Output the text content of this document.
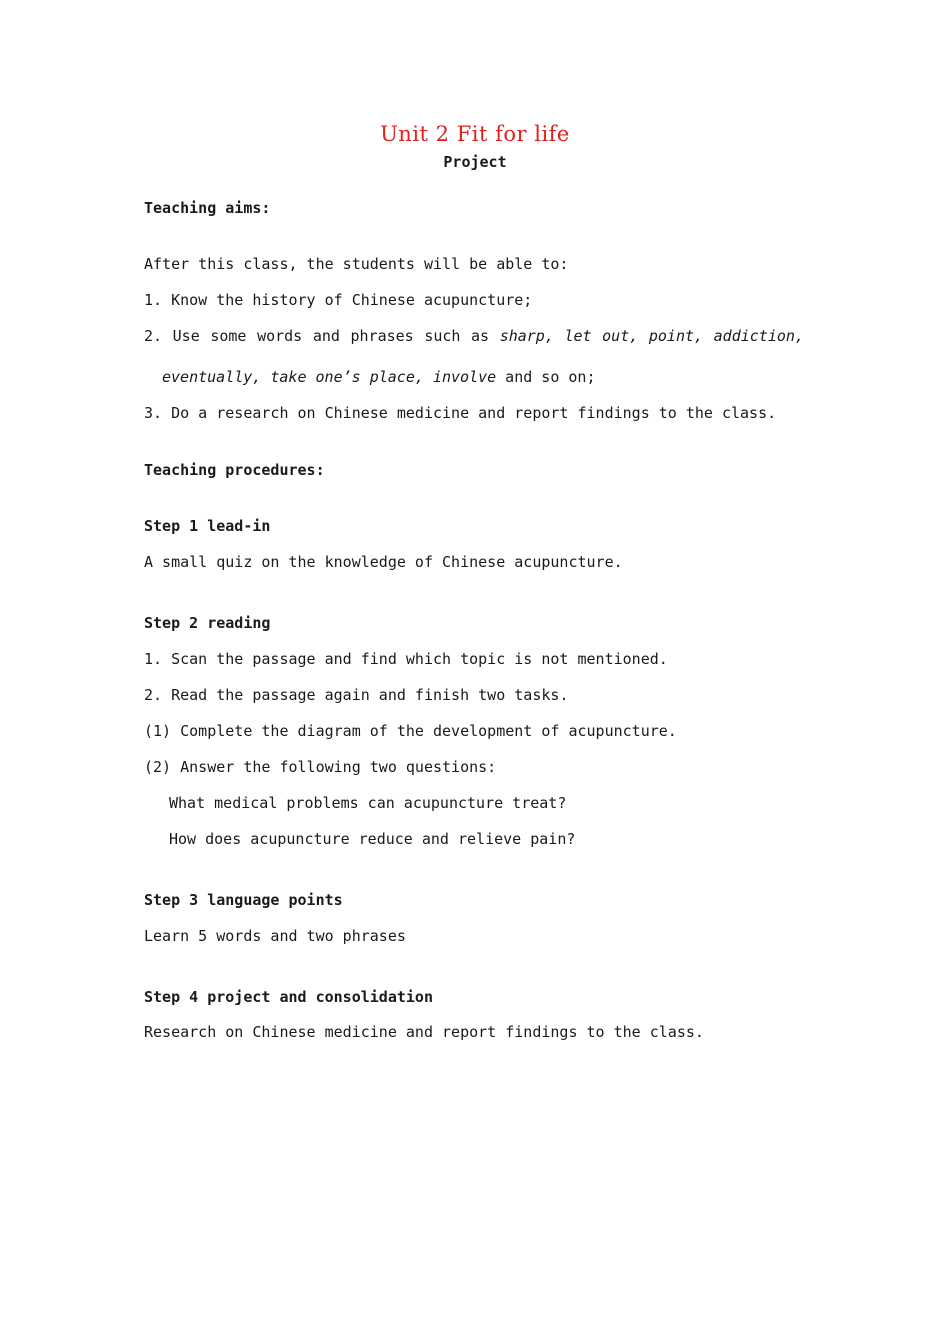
Unit 2 Fit for life
Project
Teaching aims:
After this class, the students will be able to:
1. Know the history of Chinese acupuncture;
2. Use some words and phrases such as sharp, let out, point, addiction,
eventually, take one’s place, involve and so on;
3. Do a research on Chinese medicine and report findings to the class.
Teaching procedures:
Step 1 lead-in
A small quiz on the knowledge of Chinese acupuncture.
Step 2 reading
1. Scan the passage and find which topic is not mentioned.
2. Read the passage again and finish two tasks.
(1) Complete the diagram of the development of acupuncture.
(2) Answer the following two questions:
What medical problems can acupuncture treat?
How does acupuncture reduce and relieve pain?
Step 3 language points
Learn 5 words and two phrases
Step 4 project and consolidation
Research on Chinese medicine and report findings to the class.
